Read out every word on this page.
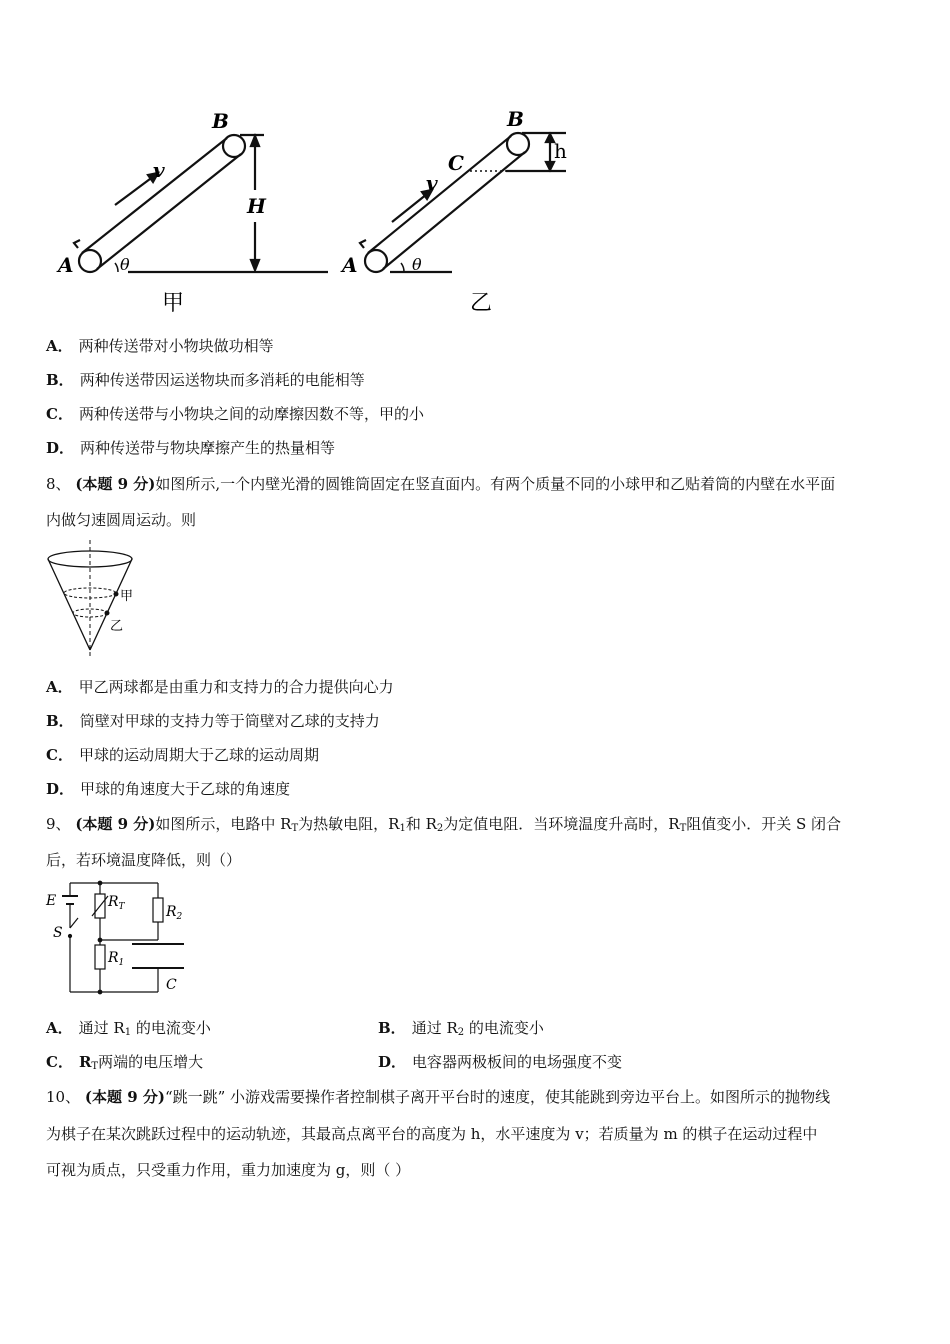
B
v
H
A	θ
甲
B
C	h
v
A	θ
乙
A． 两种传送带对小物块做功相等
B． 两种传送带因运送物块而多消耗的电能相等
C． 两种传送带与小物块之间的动摩擦因数不等，甲的小
D． 两种传送带与物块摩擦产生的热量相等
8、 (本题 9 分)如图所示,一个内壁光滑的圆锥筒固定在竖直面内。有两个质量不同的小球甲和乙贴着筒的内壁在水平面
内做匀速圆周运动。则
甲
乙
A． 甲乙两球都是由重力和支持力的合力提供向心力
B． 筒壁对甲球的支持力等于筒壁对乙球的支持力
C． 甲球的运动周期大于乙球的运动周期
D． 甲球的角速度大于乙球的角速度
9、 (本题 9 分)如图所示，电路中 $R_T$为热敏电阻，$R_1$和 $R_2$为定值电阻．当环境温度升高时，$R_T$阻值变小．开关 S 闭合
后，若环境温度降低，则（）
E
S
$R_T$
$R_1$
$R_2$
C
A． 通过 $R_1$ 的电流变小	B． 通过 $R_2$ 的电流变小
C． $R_T$两端的电压增大	D． 电容器两极板间的电场强度不变
10、 (本题 9 分)“跳一跳” 小游戏需要操作者控制棋子离开平台时的速度，使其能跳到旁边平台上。如图所示的抛物线
为棋子在某次跳跃过程中的运动轨迹，其最高点离平台的高度为 h，水平速度为 v；若质量为 m 的棋子在运动过程中
可视为质点，只受重力作用，重力加速度为 g，则（ ）
